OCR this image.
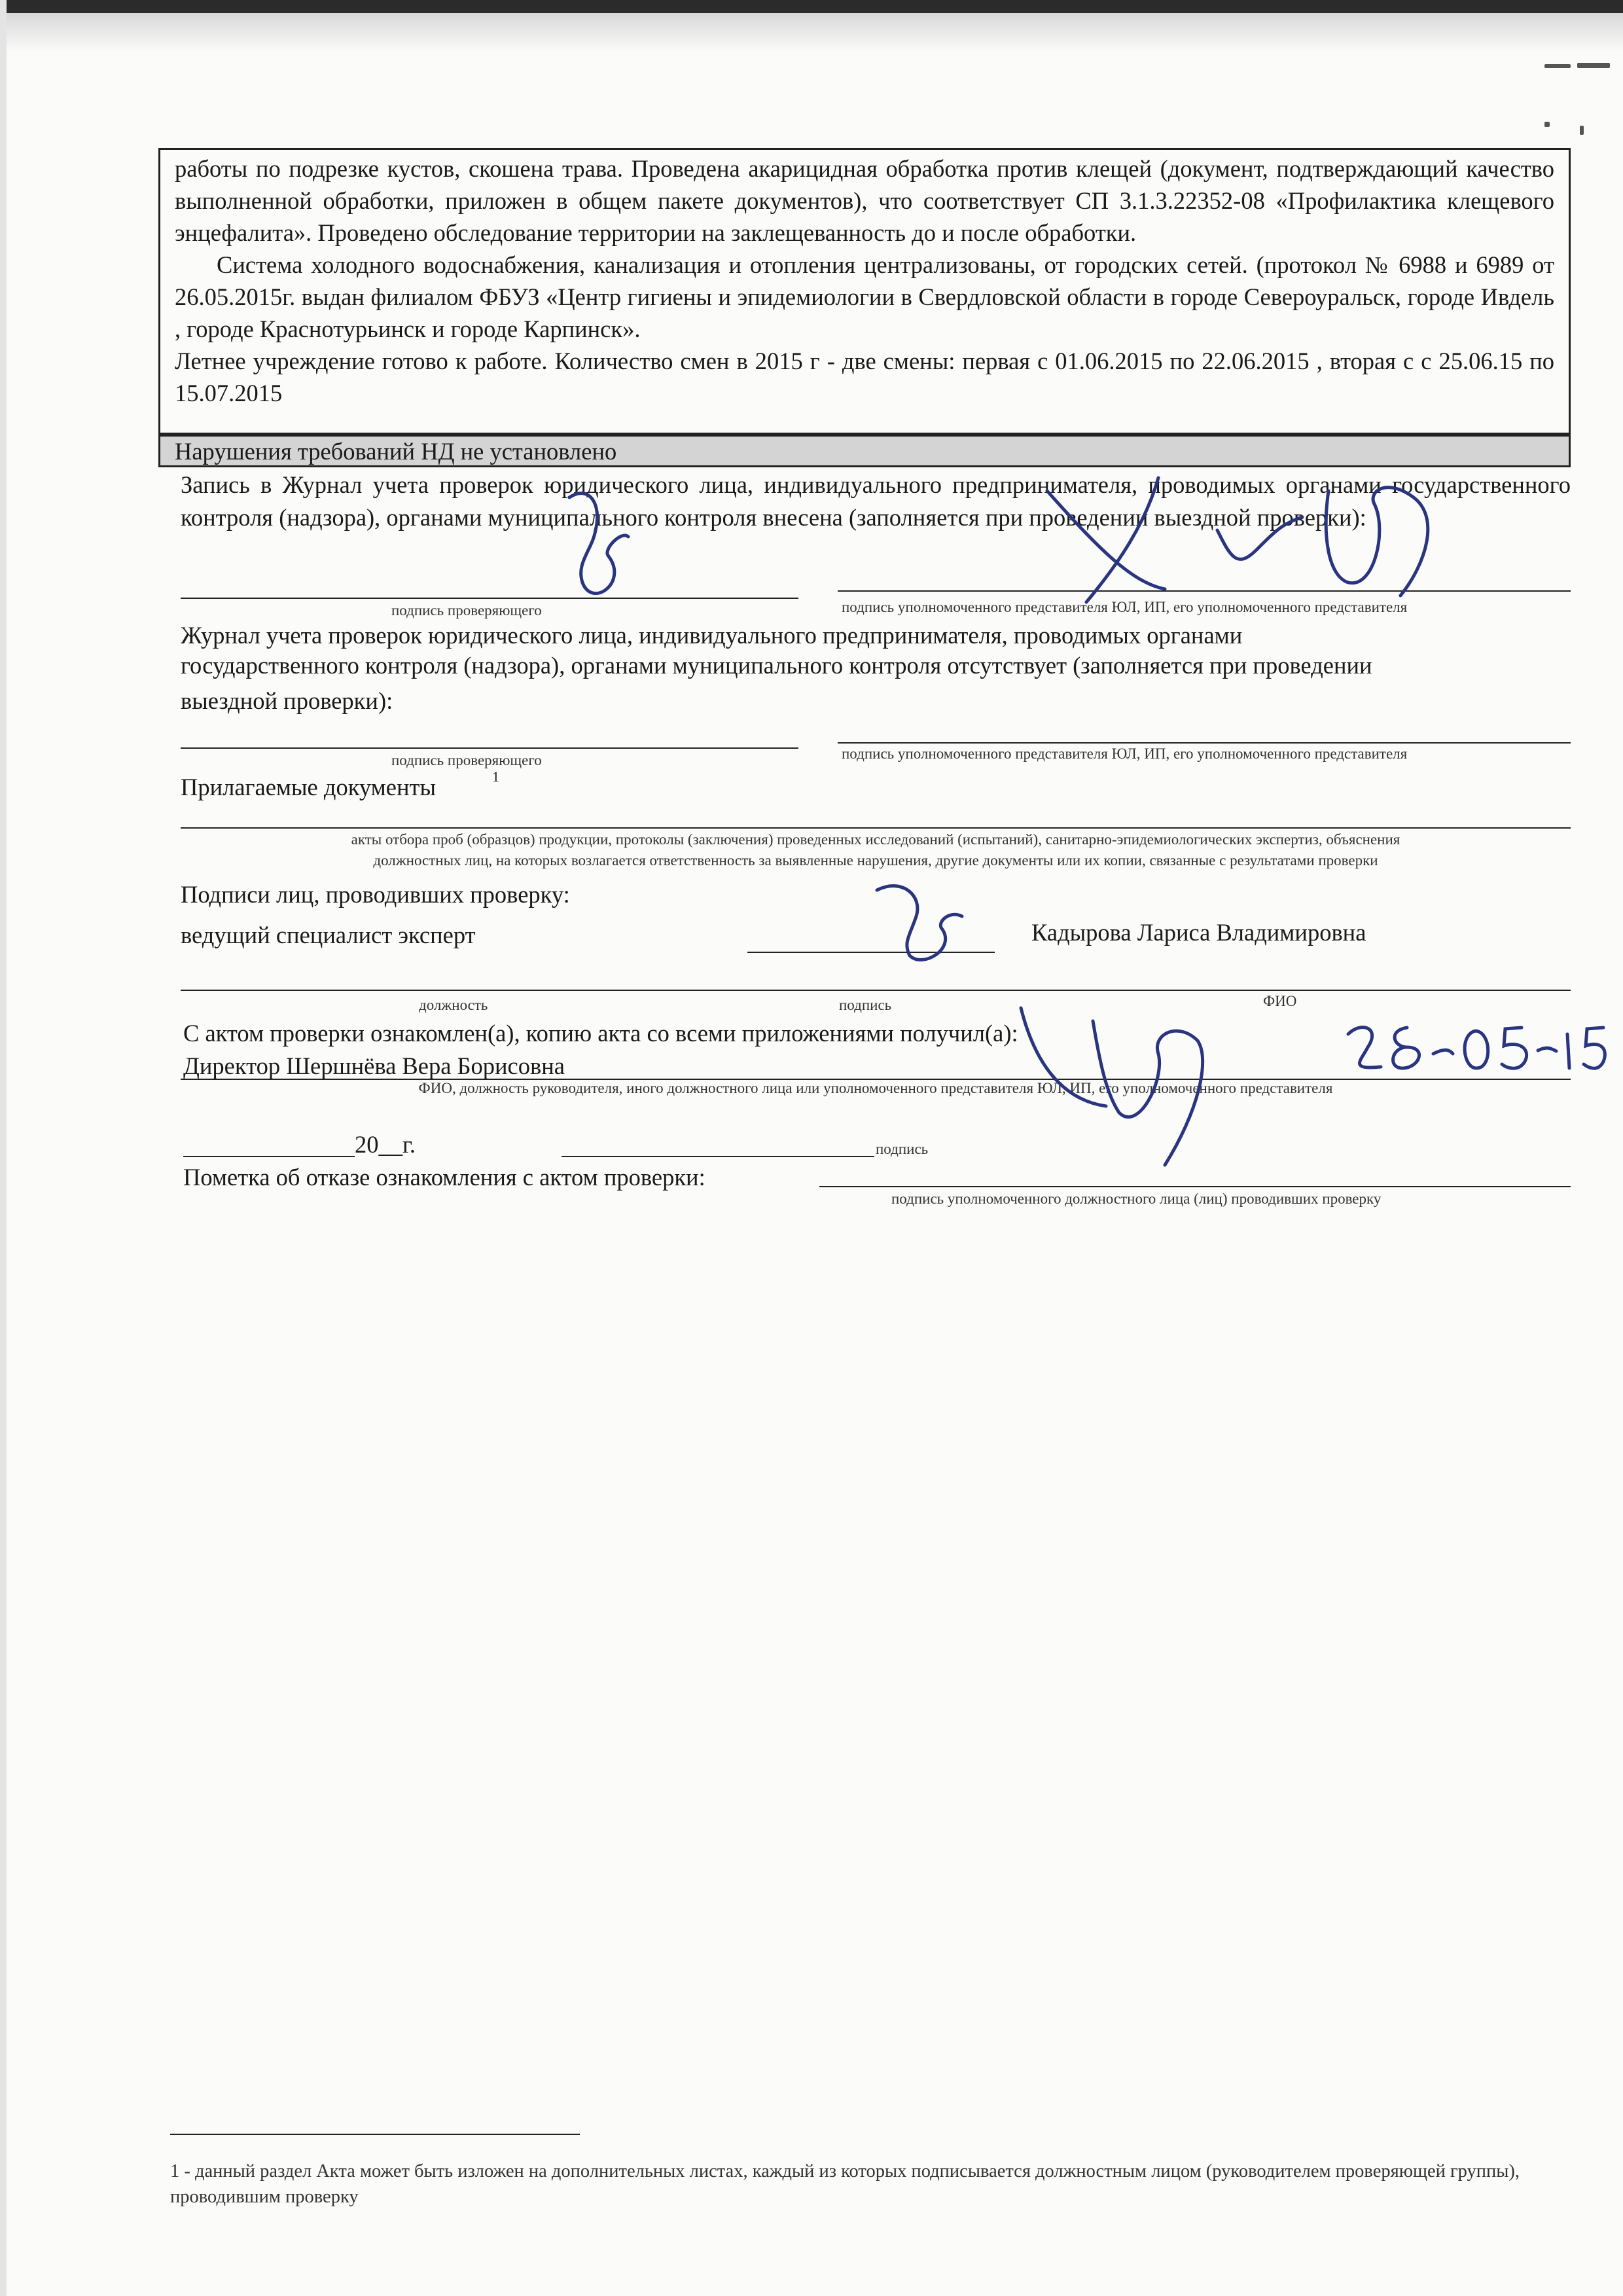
работы по подрезке кустов, скошена трава. Проведена акарицидная обработка против клещей (документ, подтверждающий качество выполненной обработки, приложен в общем пакете документов), что соответствует СП 3.1.3.22352-08 «Профилактика клещевого энцефалита». Проведено обследование территории на заклещеванность до и после обработки.
Система холодного водоснабжения, канализация и отопления централизованы, от городских сетей. (протокол № 6988 и 6989 от 26.05.2015г. выдан филиалом ФБУЗ «Центр гигиены и эпидемиологии в Свердловской области в городе Североуральск, городе Ивдель , городе Краснотурьинск и городе Карпинск».
Летнее учреждение готово к работе. Количество смен в 2015 г - две смены: первая с 01.06.2015 по 22.06.2015 , вторая с с 25.06.15 по 15.07.2015
Нарушения требований НД не установлено
Запись в Журнал учета проверок юридического лица, индивидуального предпринимателя, проводимых органами государственного контроля (надзора), органами муниципального контроля внесена (заполняется при проведении выездной проверки):
подпись проверяющего	подпись уполномоченного представителя ЮЛ, ИП, его уполномоченного представителя
Журнал учета проверок юридического лица, индивидуального предпринимателя, проводимых органами
государственного контроля (надзора), органами муниципального контроля отсутствует (заполняется при проведении
выездной проверки):
подпись проверяющего	подпись уполномоченного представителя ЮЛ, ИП, его уполномоченного представителя
Прилагаемые документы	1
акты отбора проб (образцов) продукции, протоколы (заключения) проведенных исследований (испытаний), санитарно-эпидемиологических экспертиз, объяснения
должностных лиц, на которых возлагается ответственность за выявленные нарушения, другие документы или их копии, связанные с результатами проверки
Подписи лиц, проводивших проверку:
ведущий специалист эксперт	Кадырова Лариса Владимировна
должность	подпись	ФИО
С актом проверки ознакомлен(а), копию акта со всеми приложениями получил(а):
Директор Шершнёва Вера Борисовна
ФИО, должность руководителя, иного должностного лица или уполномоченного представителя ЮЛ, ИП, его уполномоченного представителя
20__г.	подпись
Пометка об отказе ознакомления с актом проверки:
подпись уполномоченного должностного лица (лиц) проводивших проверку
1 - данный раздел Акта может быть изложен на дополнительных листах, каждый из которых подписывается должностным лицом (руководителем проверяющей группы), проводившим проверку
